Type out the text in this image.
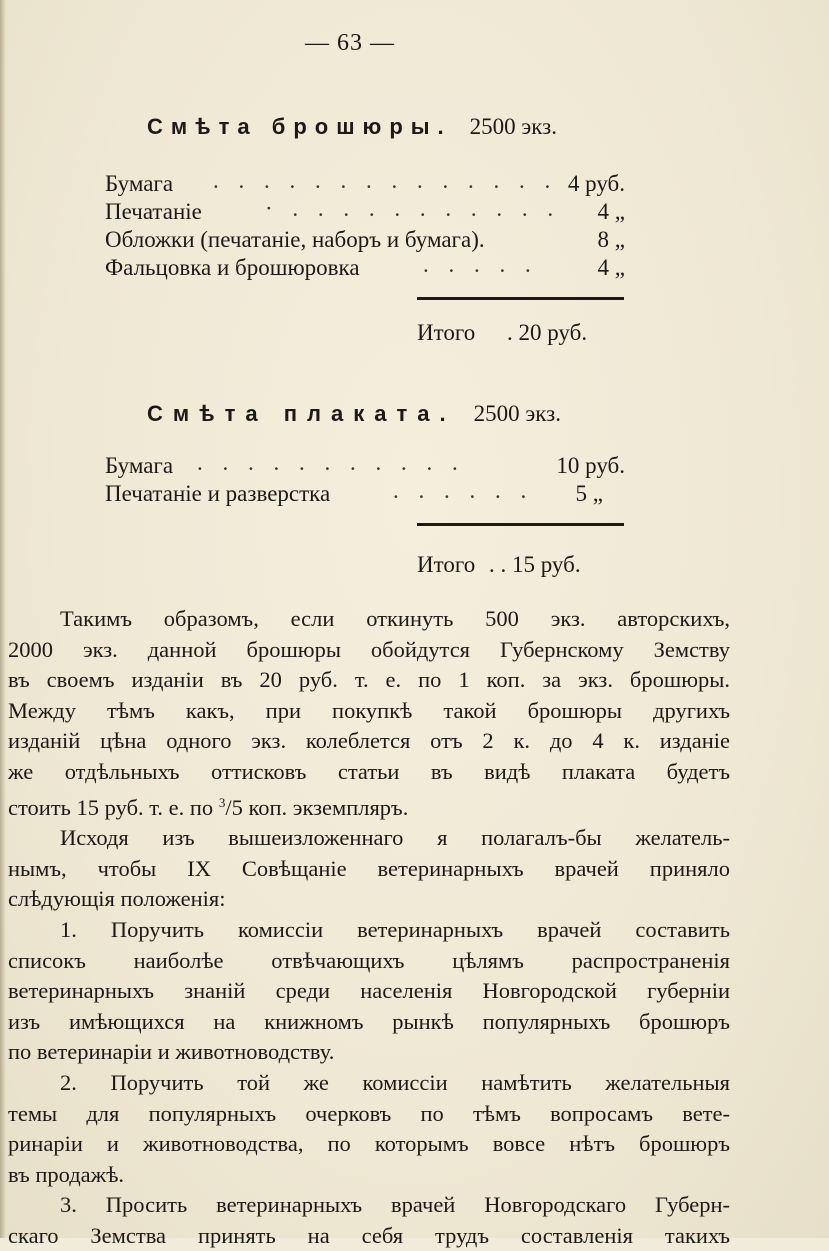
— 63 —
Смѣта брошюры. 2500 экз.
Бумага . . . . . . . . . . . . . . 4 руб.
Печатаніе	· . . . . . . . . . . . 4 „
Обложки (печатаніе, наборъ и бумага).	8 „
Фальцовка и брошюровка	. . . . .	4 „
Итого . 20 руб.
Смѣта плаката. 2500 экз.
Бумага . . . . . . . . . . .	10 руб.
Печатаніе и разверстка	. . . . . . 5 „
Итого . . 15 руб.

Такимъ образомъ, если откинуть 500 экз. авторскихъ,

2000 экз. данной брошюры обойдутся Губернскому Земству

въ своемъ изданіи въ 20 руб. т. е. по 1 коп. за экз. брошюры.

Между тѣмъ какъ, при покупкѣ такой брошюры другихъ

изданій цѣна одного экз. колеблется отъ 2 к. до 4 к. изданіе

же отдѣльныхъ оттисковъ статьи въ видѣ плаката будетъ

стоить 15 руб. т. е. по $^3$/5 коп. экземпляръ.

Исходя изъ вышеизложеннаго я полагалъ-бы желатель-

нымъ, чтобы IX Совѣщаніе ветеринарныхъ врачей приняло

слѣдующія положенія:

1. Поручить комиссіи ветеринарныхъ врачей составить

списокъ наиболѣе отвѣчающихъ цѣлямъ распространенія

ветеринарныхъ знаній среди населенія Новгородской губерніи

изъ имѣющихся на книжномъ рынкѣ популярныхъ брошюръ

по ветеринаріи и животноводству.

2. Поручить той же комиссіи намѣтить желательныя

темы для популярныхъ очерковъ по тѣмъ вопросамъ вете-

ринаріи и животноводства, по которымъ вовсе нѣтъ брошюръ

въ продажѣ.

3. Просить ветеринарныхъ врачей Новгородскаго Губерн-

скаго Земства принять на себя трудъ составленія такихъ
